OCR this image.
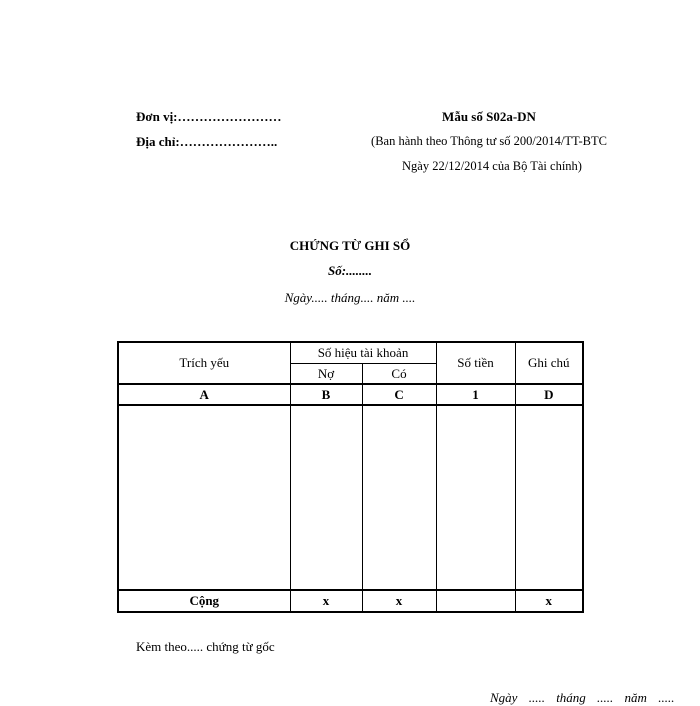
Đơn vị:……………………
Địa chỉ:…………………..
Mẫu số S02a-DN
(Ban hành theo Thông tư số 200/2014/TT-BTC
Ngày 22/12/2014 của Bộ Tài chính)
CHỨNG TỪ GHI SỔ
Số:........
Ngày..... tháng.... năm ....
Trích yếu	Số hiệu tài khoản		Số tiền	Ghi chú
	Nợ	Có		
A	B	C	1	D

Cộng	x	x		x
Kèm theo..... chứng từ gốc
Ngày ..... tháng ..... năm .....
